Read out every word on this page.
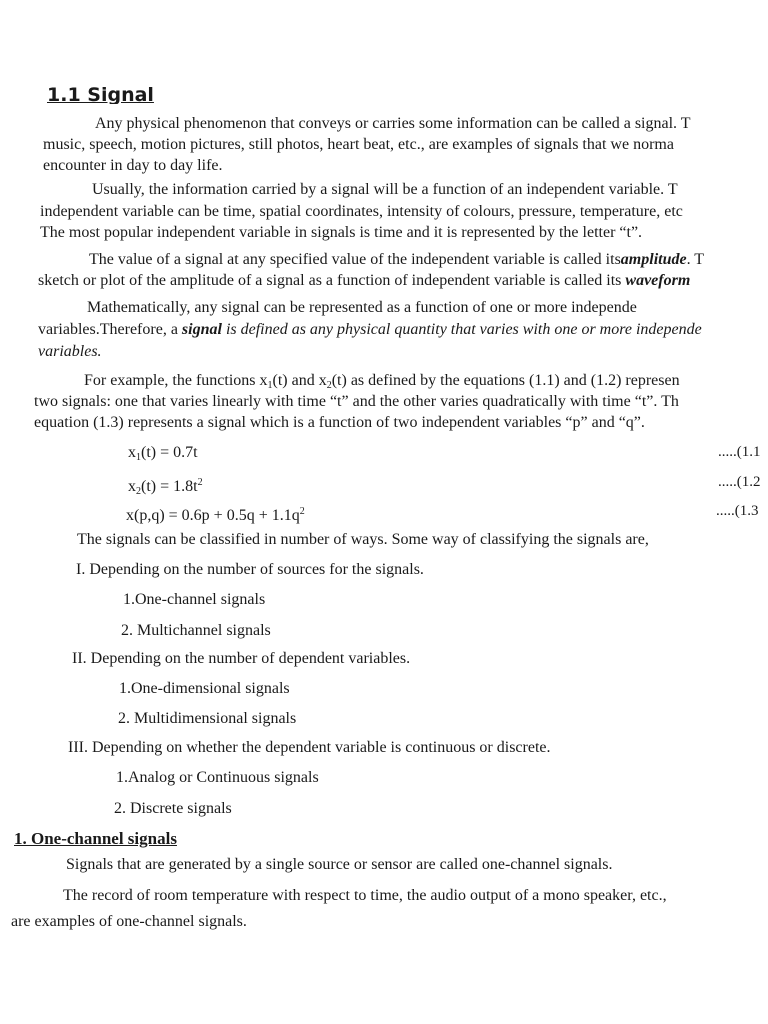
1.1 Signal
Any physical phenomenon that conveys or carries some information can be called a signal. T
music, speech, motion pictures, still photos, heart beat, etc., are examples of signals that we norma
encounter in day to day life.
Usually, the information carried by a signal will be a function of an independent variable. T
independent variable can be time, spatial coordinates, intensity of colours, pressure, temperature, etc
The most popular independent variable in signals is time and it is represented by the letter “t”.
The value of a signal at any specified value of the independent variable is called itsamplitude. T
sketch or plot of the amplitude of a signal as a function of independent variable is called its waveform
Mathematically, any signal can be represented as a function of one or more independe
variables.Therefore, a signal is defined as any physical quantity that varies with one or more independe
variables.
For example, the functions $x_1(t)$ and $x_2(t)$ as defined by the equations (1.1) and (1.2) represen
two signals: one that varies linearly with time “t” and the other varies quadratically with time “t”. Th
equation (1.3) represents a signal which is a function of two independent variables “p” and “q”.
$x_1(t) = 0.7t$	.....(1.1
$x_2(t) = 1.8t^2$	.....(1.2
$x(p,q) = 0.6p + 0.5q + 1.1q^2$	.....(1.3
The signals can be classified in number of ways. Some way of classifying the signals are,
I. Depending on the number of sources for the signals.
1.One-channel signals
2. Multichannel signals
II. Depending on the number of dependent variables.
1.One-dimensional signals
2. Multidimensional signals
III. Depending on whether the dependent variable is continuous or discrete.
1.Analog or Continuous signals
2. Discrete signals
1. One-channel signals
Signals that are generated by a single source or sensor are called one-channel signals.
The record of room temperature with respect to time, the audio output of a mono speaker, etc.,
are examples of one-channel signals.
